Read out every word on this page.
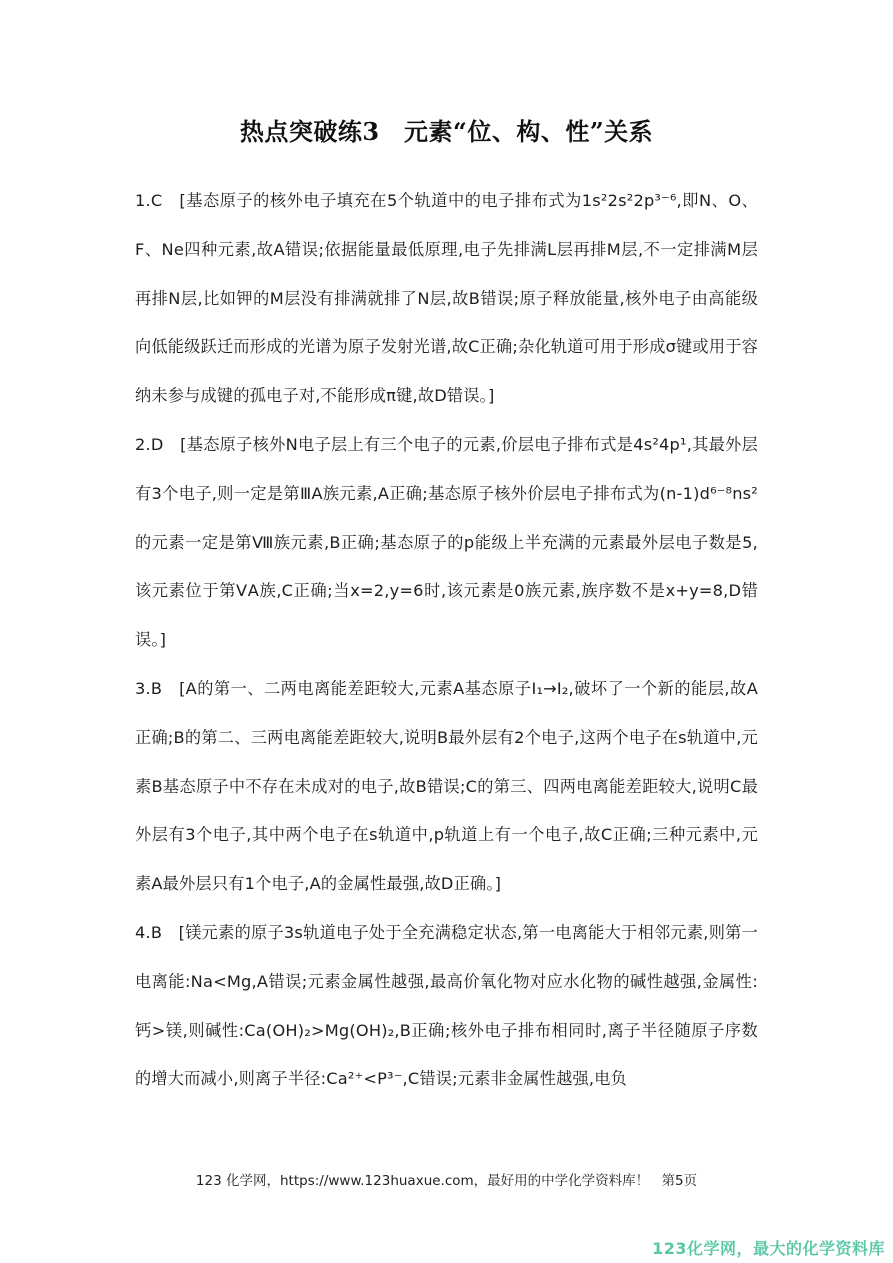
热点突破练3　元素“位、构、性”关系

1.C　[基态原子的核外电子填充在5个轨道中的电子排布式为1s²2s²2p³⁻⁶,即N、O、F、Ne四种元素,故A错误;依据能量最低原理,电子先排满L层再排M层,不一定排满M层再排N层,比如钾的M层没有排满就排了N层,故B错误;原子释放能量,核外电子由高能级向低能级跃迁而形成的光谱为原子发射光谱,故C正确;杂化轨道可用于形成σ键或用于容纳未参与成键的孤电子对,不能形成π键,故D错误。]

2.D　[基态原子核外N电子层上有三个电子的元素,价层电子排布式是4s²4p¹,其最外层有3个电子,则一定是第ⅢA族元素,A正确;基态原子核外价层电子排布式为(n-1)d⁶⁻⁸ns²的元素一定是第Ⅷ族元素,B正确;基态原子的p能级上半充满的元素最外层电子数是5,该元素位于第ⅤA族,C正确;当x=2,y=6时,该元素是0族元素,族序数不是x+y=8,D错误。]

3.B　[A的第一、二两电离能差距较大,元素A基态原子I₁→I₂,破坏了一个新的能层,故A正确;B的第二、三两电离能差距较大,说明B最外层有2个电子,这两个电子在s轨道中,元素B基态原子中不存在未成对的电子,故B错误;C的第三、四两电离能差距较大,说明C最外层有3个电子,其中两个电子在s轨道中,p轨道上有一个电子,故C正确;三种元素中,元素A最外层只有1个电子,A的金属性最强,故D正确。]

4.B　[镁元素的原子3s轨道电子处于全充满稳定状态,第一电离能大于相邻元素,则第一电离能:Na<Mg,A错误;元素金属性越强,最高价氧化物对应水化物的碱性越强,金属性:钙>镁,则碱性:Ca(OH)₂>Mg(OH)₂,B正确;核外电子排布相同时,离子半径随原子序数的增大而减小,则离子半径:Ca²⁺<P³⁻,C错误;元素非金属性越强,电负

123 化学网，https://www.123huaxue.com，最好用的中学化学资料库！ 第5页
123化学网，最大的化学资料库
